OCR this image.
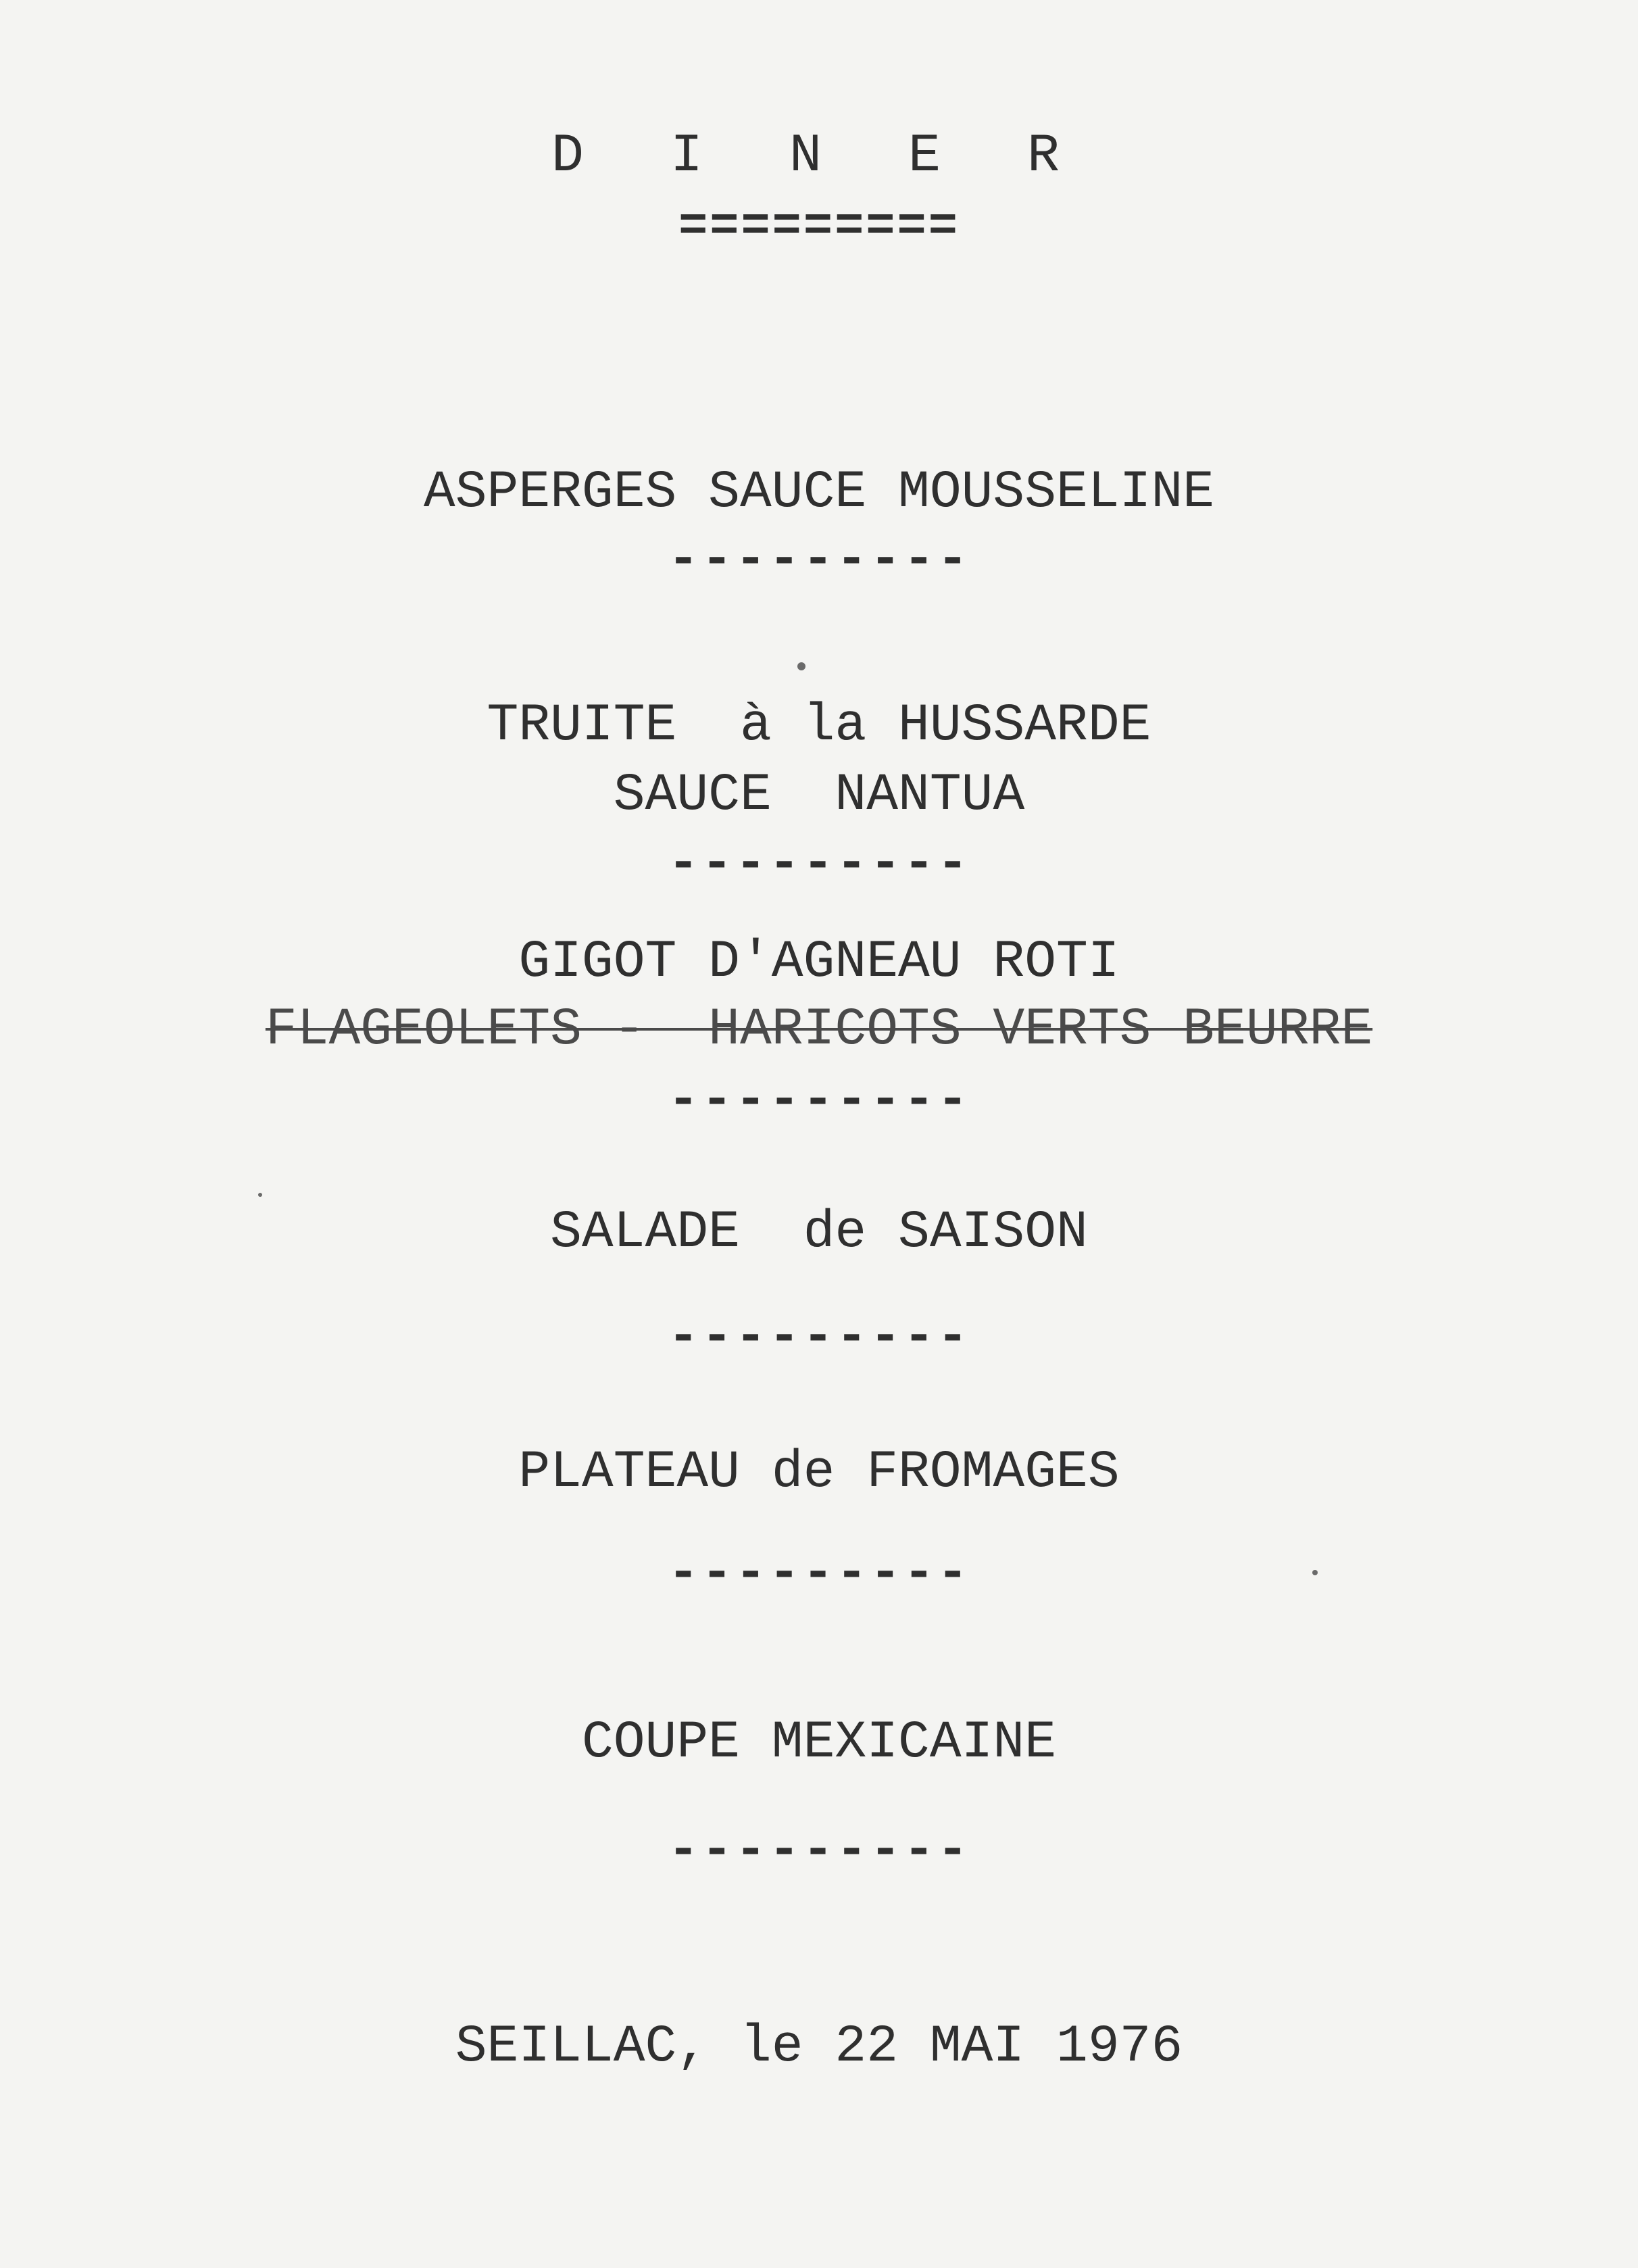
D I N E R
=========
ASPERGES SAUCE MOUSSELINE
---------
TRUITE  à la HUSSARDE
SAUCE  NANTUA
---------
GIGOT D'AGNEAU ROTI
FLAGEOLETS -  HARICOTS VERTS BEURRE
---------
SALADE  de SAISON
---------
PLATEAU de FROMAGES
---------
COUPE MEXICAINE
---------
SEILLAC, le 22 MAI 1976
